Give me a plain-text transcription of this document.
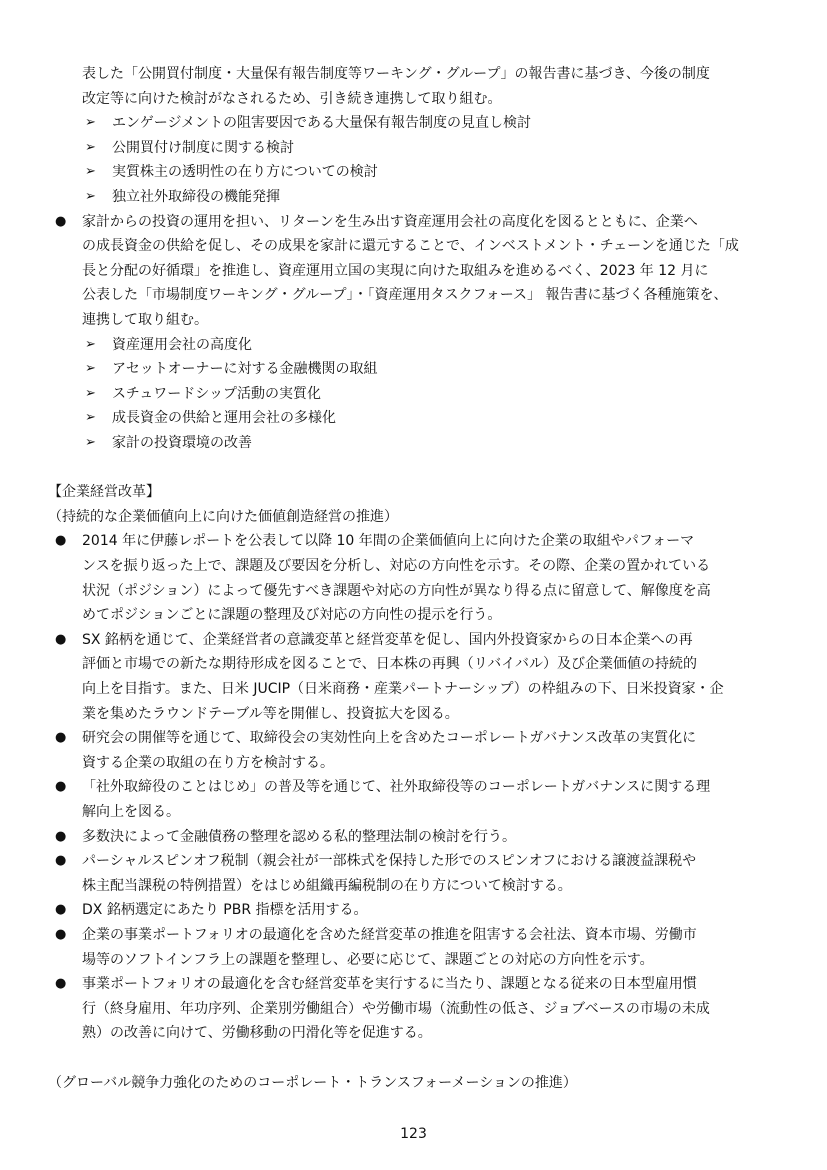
表した「公開買付制度・大量保有報告制度等ワーキング・グループ」の報告書に基づき、今後の制度
改定等に向けた検討がなされるため、引き続き連携して取り組む。
➢ エンゲージメントの阻害要因である大量保有報告制度の見直し検討
➢ 公開買付け制度に関する検討
➢ 実質株主の透明性の在り方についての検討
➢ 独立社外取締役の機能発揮
● 家計からの投資の運用を担い、リターンを生み出す資産運用会社の高度化を図るとともに、企業へ
の成長資金の供給を促し、その成果を家計に還元することで、インベストメント・チェーンを通じた「成
長と分配の好循環」を推進し、資産運用立国の実現に向けた取組みを進めるべく、2023 年 12 月に
公表した「市場制度ワーキング・グループ」・「資産運用タスクフォース」 報告書に基づく各種施策を、
連携して取り組む。
➢ 資産運用会社の高度化
➢ アセットオーナーに対する金融機関の取組
➢ スチュワードシップ活動の実質化
➢ 成長資金の供給と運用会社の多様化
➢ 家計の投資環境の改善
【企業経営改革】
（持続的な企業価値向上に向けた価値創造経営の推進）
● 2014 年に伊藤レポートを公表して以降 10 年間の企業価値向上に向けた企業の取組やパフォーマ
ンスを振り返った上で、課題及び要因を分析し、対応の方向性を示す。その際、企業の置かれている
状況（ポジション）によって優先すべき課題や対応の方向性が異なり得る点に留意して、解像度を高
めてポジションごとに課題の整理及び対応の方向性の提示を行う。
● SX 銘柄を通じて、企業経営者の意識変革と経営変革を促し、国内外投資家からの日本企業への再
評価と市場での新たな期待形成を図ることで、日本株の再興（リバイバル）及び企業価値の持続的
向上を目指す。また、日米 JUCIP（日米商務・産業パートナーシップ）の枠組みの下、日米投資家・企
業を集めたラウンドテーブル等を開催し、投資拡大を図る。
● 研究会の開催等を通じて、取締役会の実効性向上を含めたコーポレートガバナンス改革の実質化に
資する企業の取組の在り方を検討する。
● 「社外取締役のことはじめ」の普及等を通じて、社外取締役等のコーポレートガバナンスに関する理
解向上を図る。
● 多数決によって金融債務の整理を認める私的整理法制の検討を行う。
● パーシャルスピンオフ税制（親会社が一部株式を保持した形でのスピンオフにおける譲渡益課税や
株主配当課税の特例措置）をはじめ組織再編税制の在り方について検討する。
● DX 銘柄選定にあたり PBR 指標を活用する。
● 企業の事業ポートフォリオの最適化を含めた経営変革の推進を阻害する会社法、資本市場、労働市
場等のソフトインフラ上の課題を整理し、必要に応じて、課題ごとの対応の方向性を示す。
● 事業ポートフォリオの最適化を含む経営変革を実行するに当たり、課題となる従来の日本型雇用慣
行（終身雇用、年功序列、企業別労働組合）や労働市場（流動性の低さ、ジョブベースの市場の未成
熟）の改善に向けて、労働移動の円滑化等を促進する。
（グローバル競争力強化のためのコーポレート・トランスフォーメーションの推進）
123
